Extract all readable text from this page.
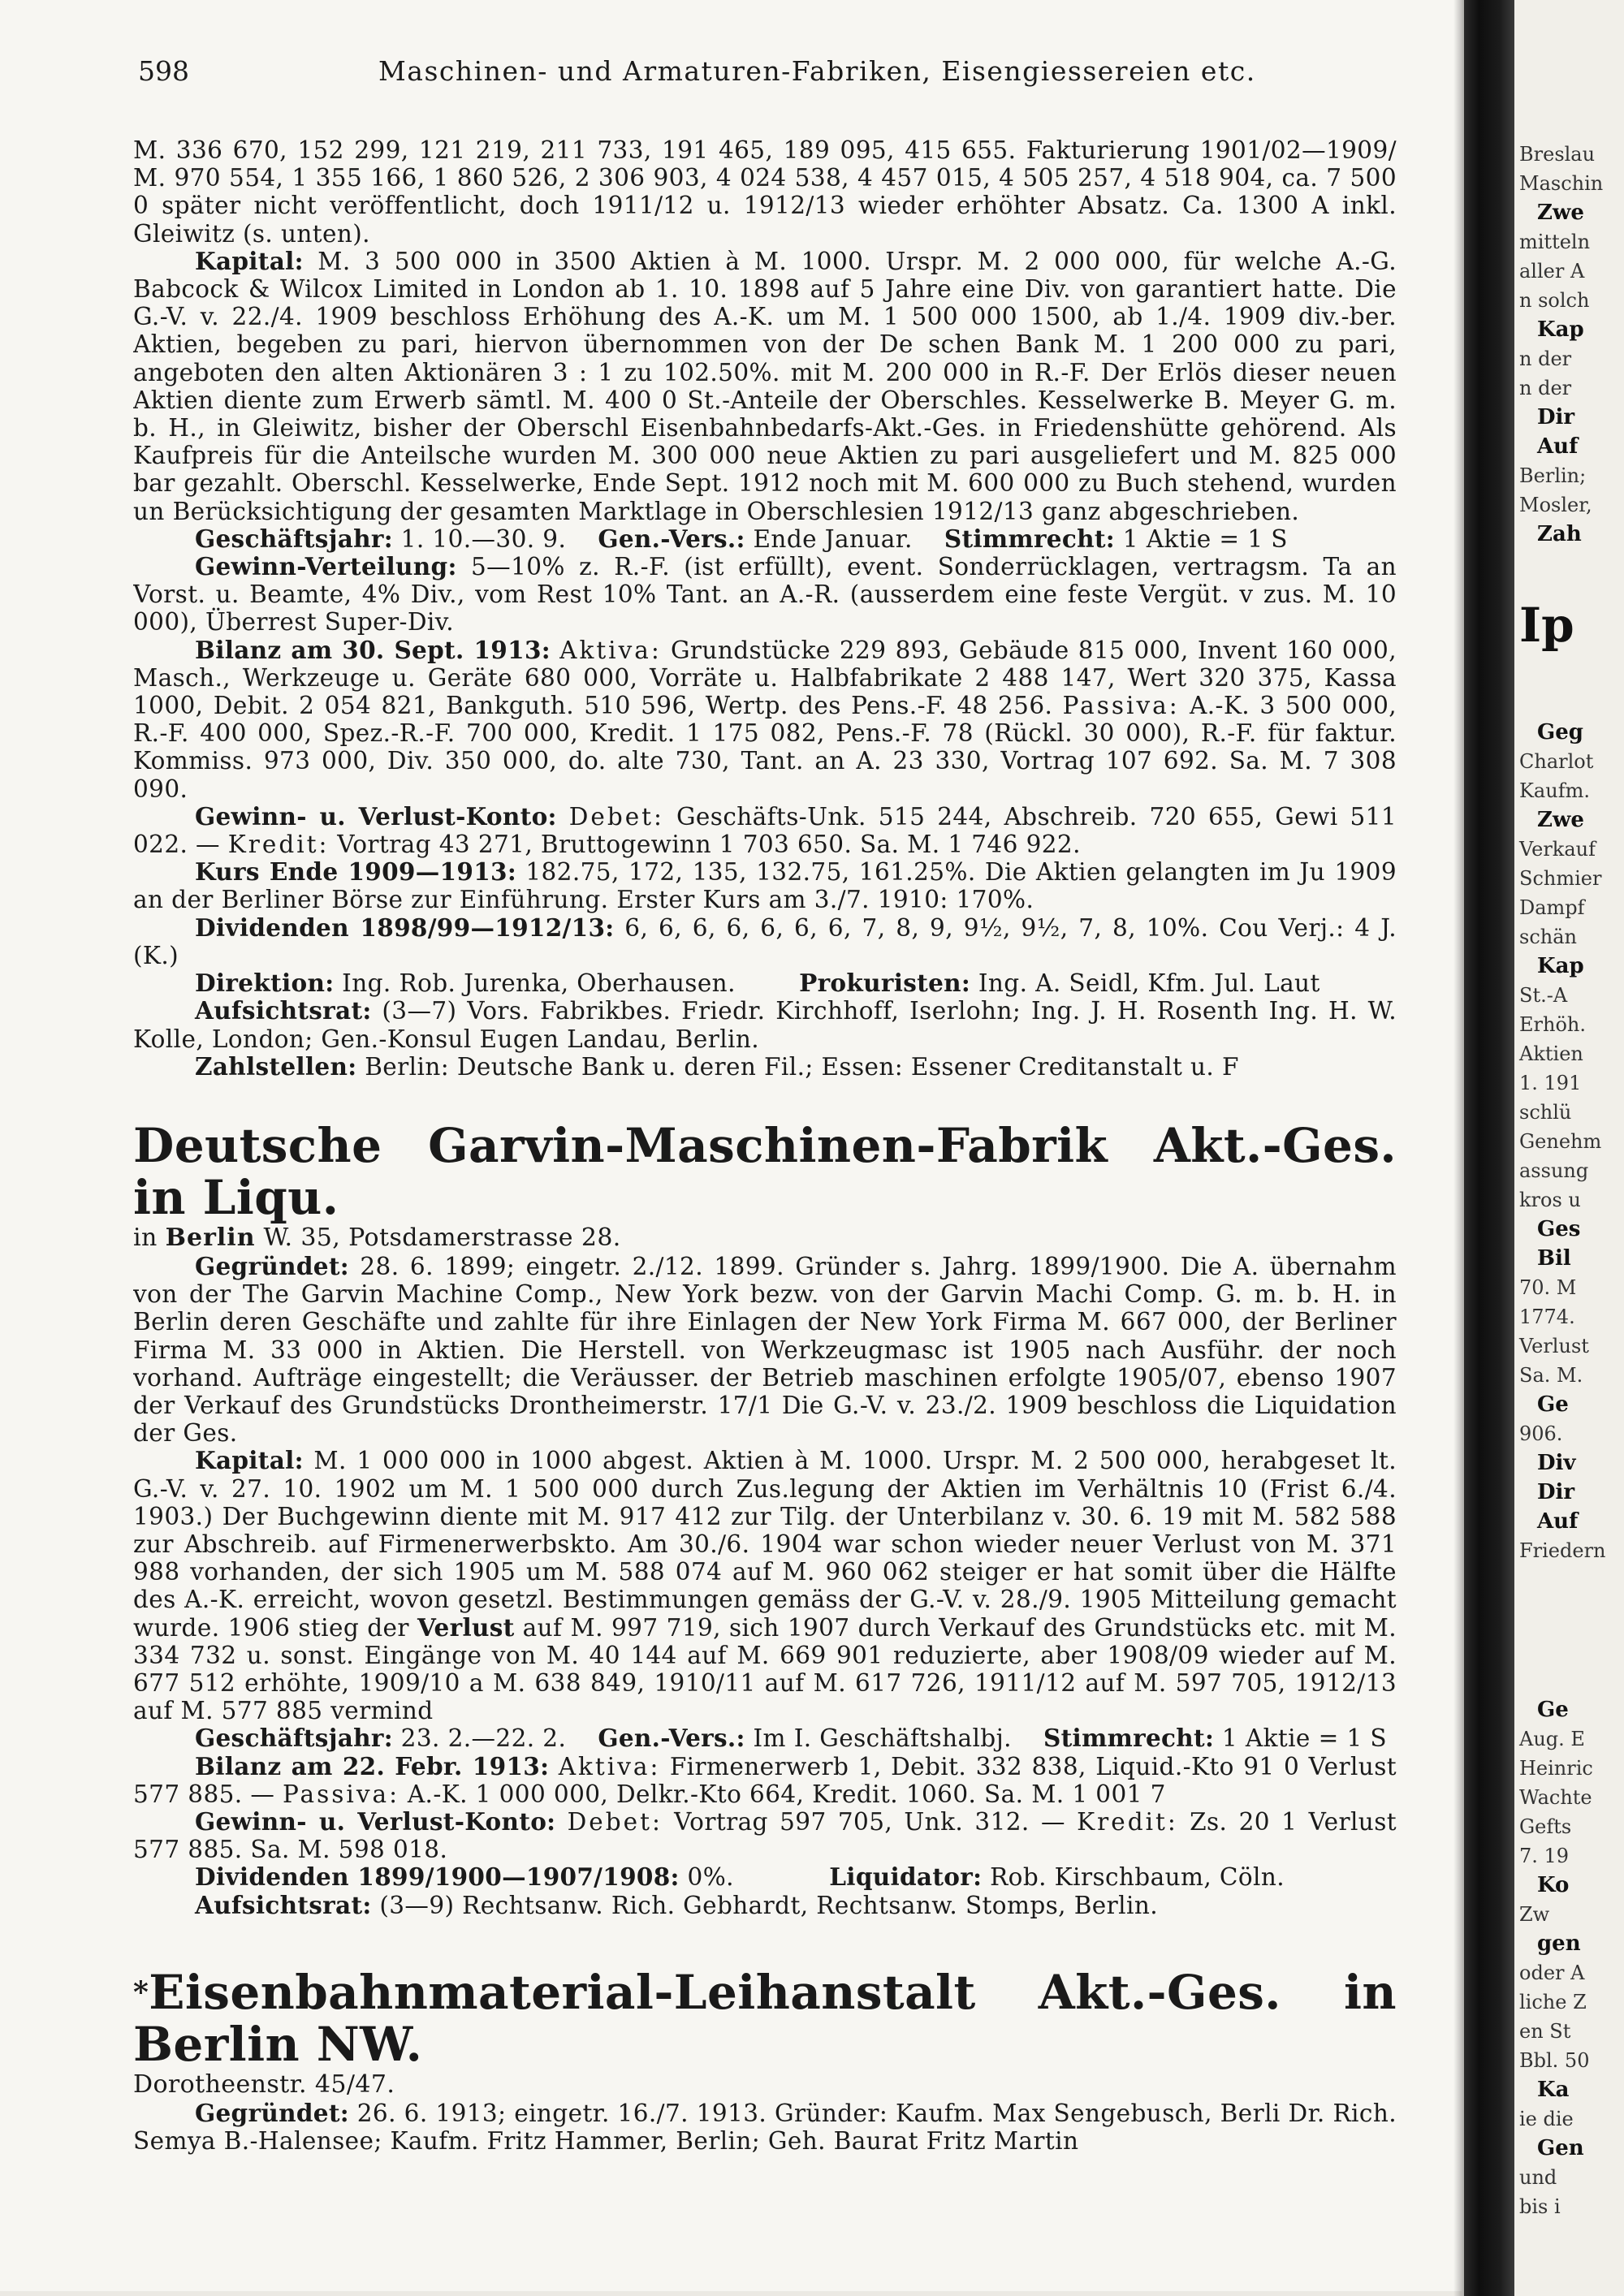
598	Maschinen- und Armaturen-Fabriken, Eisengiessereien etc.

M. 336 670, 152 299, 121 219, 211 733, 191 465, 189 095, 415 655. Fakturierung 1901/02—1909/ M. 970 554, 1 355 166, 1 860 526, 2 306 903, 4 024 538, 4 457 015, 4 505 257, 4 518 904, ca. 7 500 0 später nicht veröffentlicht, doch 1911/12 u. 1912/13 wieder erhöhter Absatz. Ca. 1300 A inkl. Gleiwitz (s. unten).

Kapital: M. 3 500 000 in 3500 Aktien à M. 1000. Urspr. M. 2 000 000, für welche A.-G. Babcock & Wilcox Limited in London ab 1. 10. 1898 auf 5 Jahre eine Div. von garantiert hatte. Die G.-V. v. 22./4. 1909 beschloss Erhöhung des A.-K. um M. 1 500 000 1500, ab 1./4. 1909 div.-ber. Aktien, begeben zu pari, hiervon übernommen von der De schen Bank M. 1 200 000 zu pari, angeboten den alten Aktionären 3 : 1 zu 102.50%. mit M. 200 000 in R.-F. Der Erlös dieser neuen Aktien diente zum Erwerb sämtl. M. 400 0 St.-Anteile der Oberschles. Kesselwerke B. Meyer G. m. b. H., in Gleiwitz, bisher der Oberschl Eisenbahnbedarfs-Akt.-Ges. in Friedenshütte gehörend. Als Kaufpreis für die Anteilsche wurden M. 300 000 neue Aktien zu pari ausgeliefert und M. 825 000 bar gezahlt. Oberschl. Kesselwerke, Ende Sept. 1912 noch mit M. 600 000 zu Buch stehend, wurden un Berücksichtigung der gesamten Marktlage in Oberschlesien 1912/13 ganz abgeschrieben.

Geschäftsjahr: 1. 10.—30. 9. Gen.-Vers.: Ende Januar. Stimmrecht: 1 Aktie = 1 S

Gewinn-Verteilung: 5—10% z. R.-F. (ist erfüllt), event. Sonderrücklagen, vertragsm. Ta an Vorst. u. Beamte, 4% Div., vom Rest 10% Tant. an A.-R. (ausserdem eine feste Vergüt. v zus. M. 10 000), Überrest Super-Div.

Bilanz am 30. Sept. 1913: Aktiva: Grundstücke 229 893, Gebäude 815 000, Invent 160 000, Masch., Werkzeuge u. Geräte 680 000, Vorräte u. Halbfabrikate 2 488 147, Wert 320 375, Kassa 1000, Debit. 2 054 821, Bankguth. 510 596, Wertp. des Pens.-F. 48 256. Passiva: A.-K. 3 500 000, R.-F. 400 000, Spez.-R.-F. 700 000, Kredit. 1 175 082, Pens.-F. 78 (Rückl. 30 000), R.-F. für faktur. Kommiss. 973 000, Div. 350 000, do. alte 730, Tant. an A. 23 330, Vortrag 107 692. Sa. M. 7 308 090.

Gewinn- u. Verlust-Konto: Debet: Geschäfts-Unk. 515 244, Abschreib. 720 655, Gewi 511 022. — Kredit: Vortrag 43 271, Bruttogewinn 1 703 650. Sa. M. 1 746 922.

Kurs Ende 1909—1913: 182.75, 172, 135, 132.75, 161.25%. Die Aktien gelangten im Ju 1909 an der Berliner Börse zur Einführung. Erster Kurs am 3./7. 1910: 170%.

Dividenden 1898/99—1912/13: 6, 6, 6, 6, 6, 6, 6, 7, 8, 9, 9½, 9½, 7, 8, 10%. Cou Verj.: 4 J. (K.)

Direktion: Ing. Rob. Jurenka, Oberhausen.	Prokuristen: Ing. A. Seidl, Kfm. Jul. Laut

Aufsichtsrat: (3—7) Vors. Fabrikbes. Friedr. Kirchhoff, Iserlohn; Ing. J. H. Rosenth Ing. H. W. Kolle, London; Gen.-Konsul Eugen Landau, Berlin.

Zahlstellen: Berlin: Deutsche Bank u. deren Fil.; Essen: Essener Creditanstalt u. F

Deutsche Garvin-Maschinen-Fabrik Akt.-Ges. in Liqu.

in Berlin W. 35, Potsdamerstrasse 28.

Gegründet: 28. 6. 1899; eingetr. 2./12. 1899. Gründer s. Jahrg. 1899/1900. Die A. übernahm von der The Garvin Machine Comp., New York bezw. von der Garvin Machi Comp. G. m. b. H. in Berlin deren Geschäfte und zahlte für ihre Einlagen der New York Firma M. 667 000, der Berliner Firma M. 33 000 in Aktien. Die Herstell. von Werkzeugmasc ist 1905 nach Ausführ. der noch vorhand. Aufträge eingestellt; die Veräusser. der Betrieb maschinen erfolgte 1905/07, ebenso 1907 der Verkauf des Grundstücks Drontheimerstr. 17/1 Die G.-V. v. 23./2. 1909 beschloss die Liquidation der Ges.

Kapital: M. 1 000 000 in 1000 abgest. Aktien à M. 1000. Urspr. M. 2 500 000, herabgeset lt. G.-V. v. 27. 10. 1902 um M. 1 500 000 durch Zus.legung der Aktien im Verhältnis 10 (Frist 6./4. 1903.) Der Buchgewinn diente mit M. 917 412 zur Tilg. der Unterbilanz v. 30. 6. 19 mit M. 582 588 zur Abschreib. auf Firmenerwerbskto. Am 30./6. 1904 war schon wieder neuer Verlust von M. 371 988 vorhanden, der sich 1905 um M. 588 074 auf M. 960 062 steiger er hat somit über die Hälfte des A.-K. erreicht, wovon gesetzl. Bestimmungen gemäss der G.-V. v. 28./9. 1905 Mitteilung gemacht wurde. 1906 stieg der Verlust auf M. 997 719, sich 1907 durch Verkauf des Grundstücks etc. mit M. 334 732 u. sonst. Eingänge von M. 40 144 auf M. 669 901 reduzierte, aber 1908/09 wieder auf M. 677 512 erhöhte, 1909/10 a M. 638 849, 1910/11 auf M. 617 726, 1911/12 auf M. 597 705, 1912/13 auf M. 577 885 vermind

Geschäftsjahr: 23. 2.—22. 2. Gen.-Vers.: Im I. Geschäftshalbj. Stimmrecht: 1 Aktie = 1 S

Bilanz am 22. Febr. 1913: Aktiva: Firmenerwerb 1, Debit. 332 838, Liquid.-Kto 91 0 Verlust 577 885. — Passiva: A.-K. 1 000 000, Delkr.-Kto 664, Kredit. 1060. Sa. M. 1 001 7

Gewinn- u. Verlust-Konto: Debet: Vortrag 597 705, Unk. 312. — Kredit: Zs. 20 1 Verlust 577 885. Sa. M. 598 018.

Dividenden 1899/1900—1907/1908: 0%.	Liquidator: Rob. Kirschbaum, Cöln.

Aufsichtsrat: (3—9) Rechtsanw. Rich. Gebhardt, Rechtsanw. Stomps, Berlin.

*Eisenbahnmaterial-Leihanstalt Akt.-Ges. in Berlin NW.

Dorotheenstr. 45/47.

Gegründet: 26. 6. 1913; eingetr. 16./7. 1913. Gründer: Kaufm. Max Sengebusch, Berli Dr. Rich. Semya B.-Halensee; Kaufm. Fritz Hammer, Berlin; Geh. Baurat Fritz Martin

Breslau
Maschin
Zwe
mitteln
aller A
n solch
Kap
n der
n der
Dir
Auf
Berlin;
Mosler,
Zah
Ip
Geg
Charlot
Kaufm.
Zwe
Verkauf
Schmier
Dampf
schän
Kap
St.-A
Erhöh.
Aktien
1. 191
schlü
Genehm
assung
kros u
Ges
Bil
70. M
1774.
Verlust
Sa. M.
Ge
906.
Div
Dir
Auf
Friedern
Ge
Aug. E
Heinric
Wachte
Gefts
7. 19
Ko
Zw
gen
oder A
liche Z
en St
Bbl. 50
Ka
ie die
Gen
und
bis i
